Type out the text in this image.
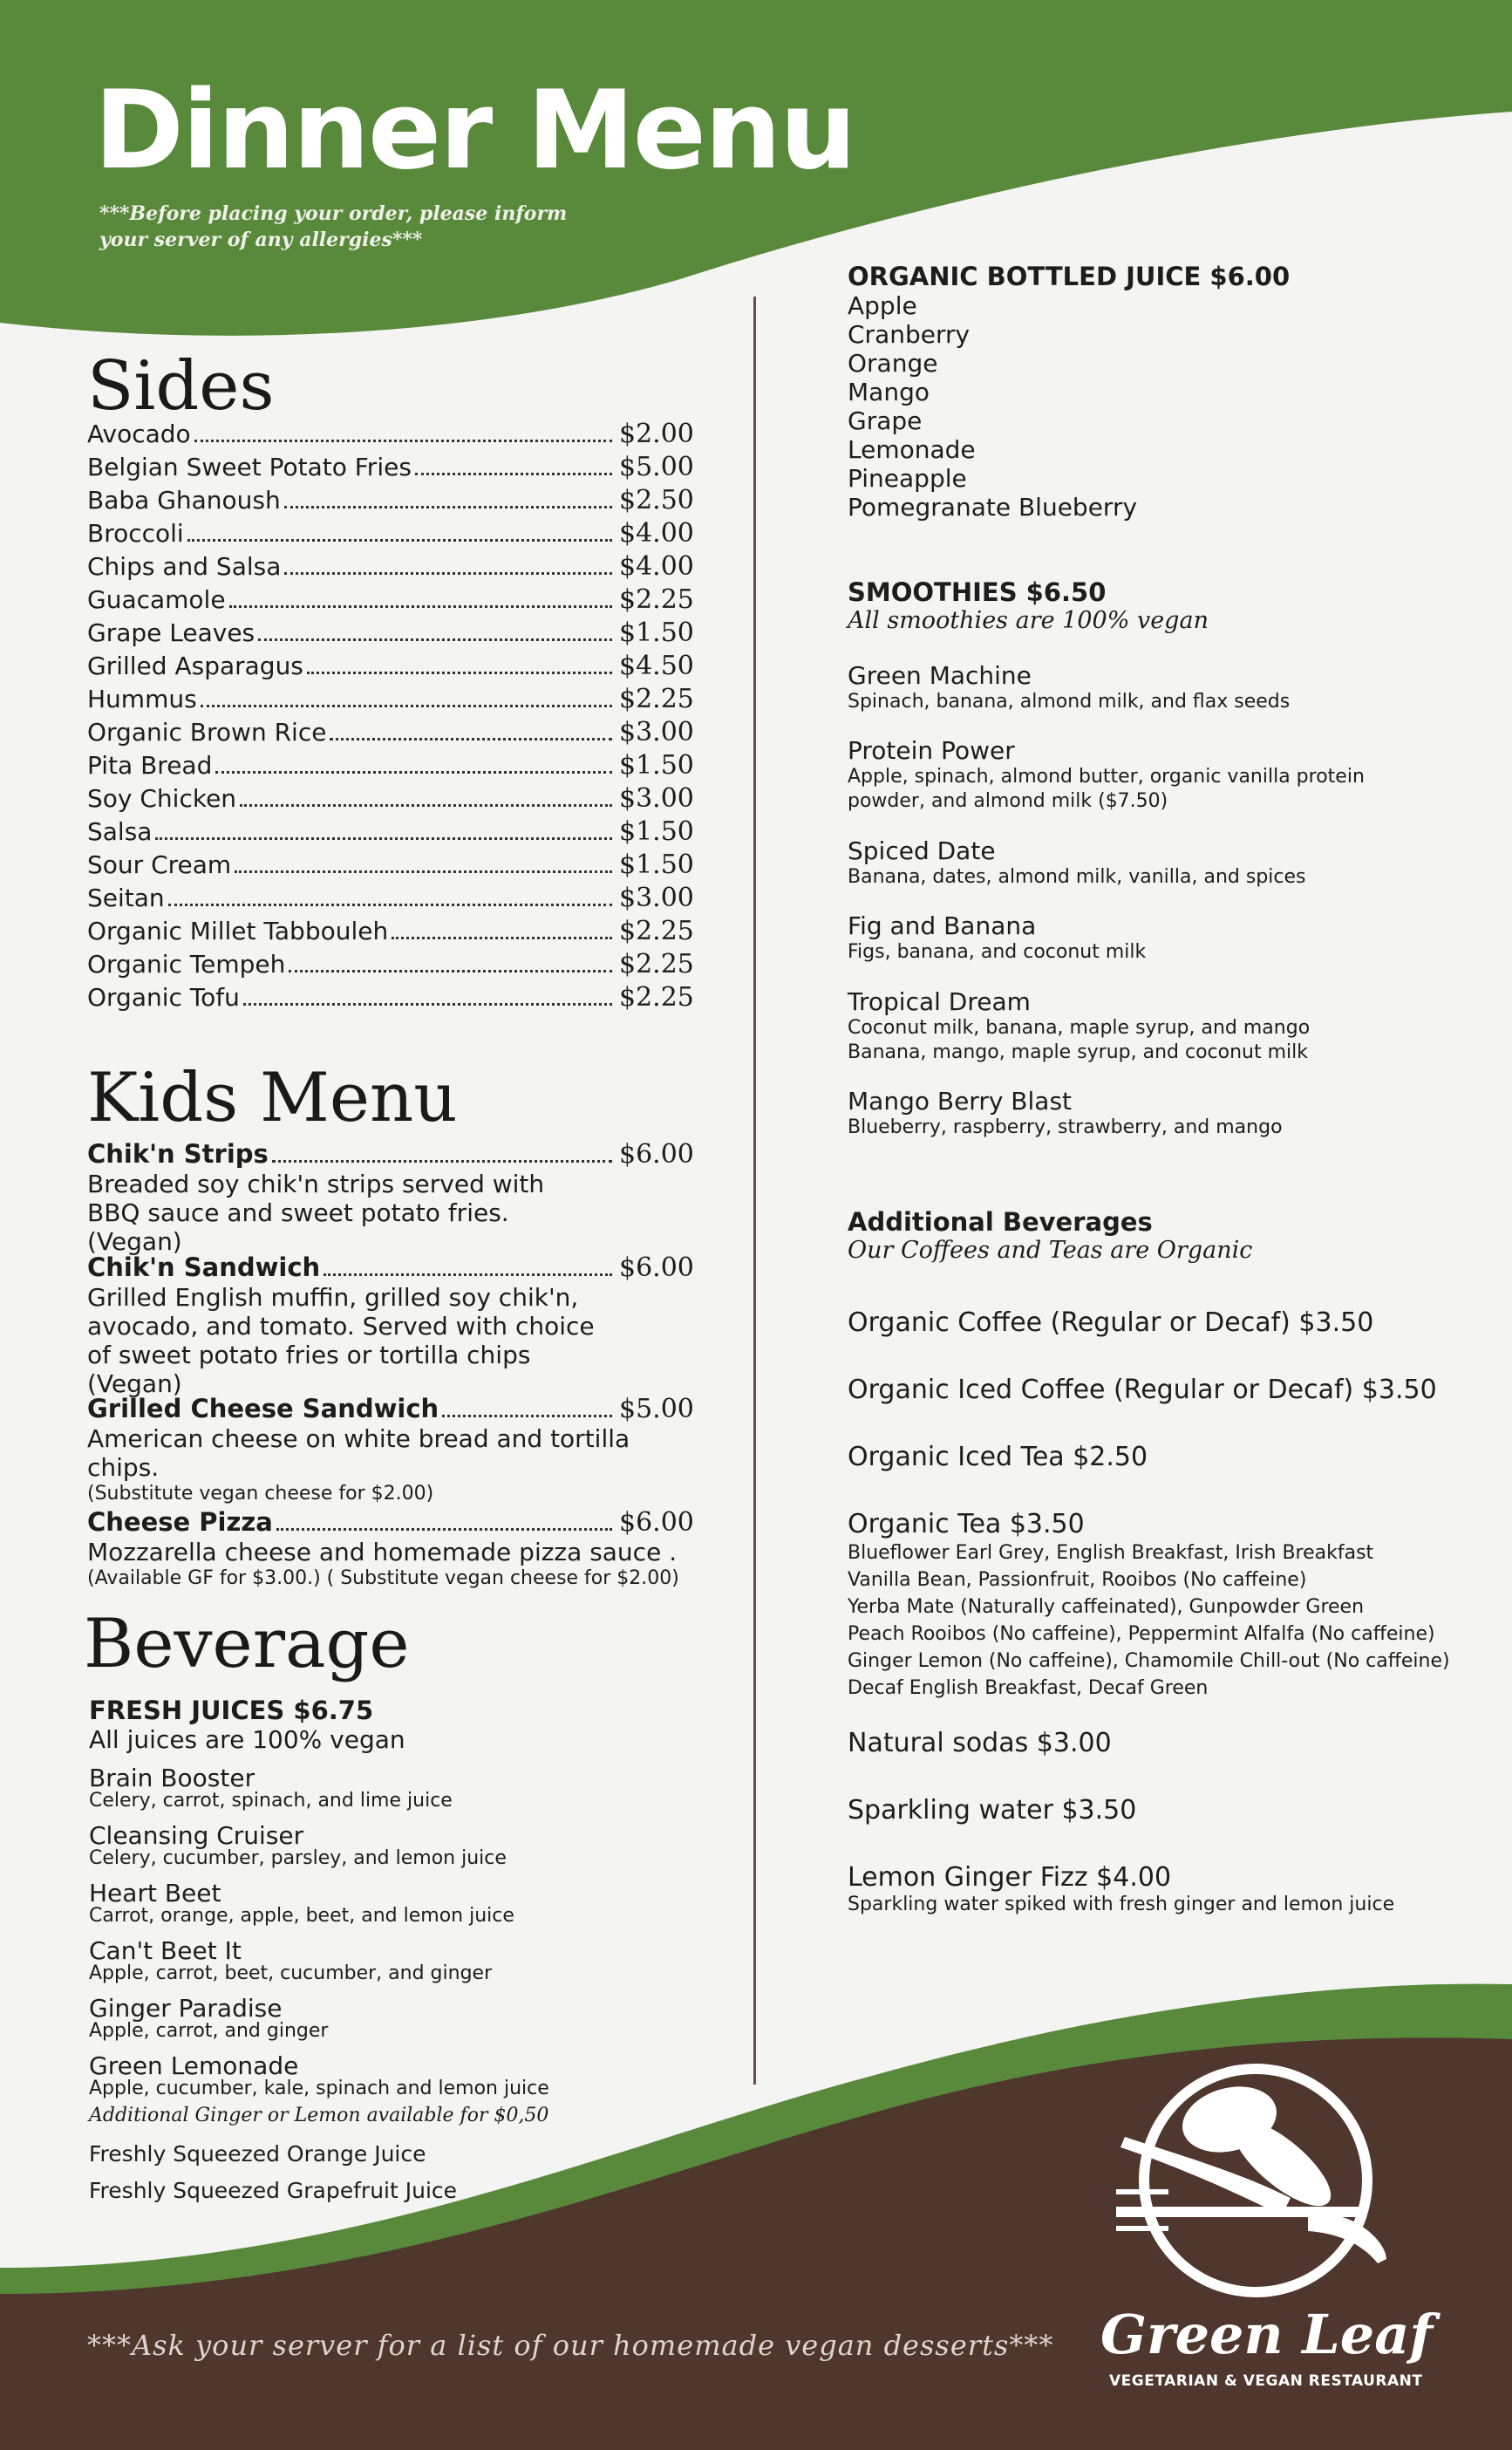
Dinner Menu
***Before placing your order, please inform your server of any allergies***
Sides
Avocado	$2.00
Belgian Sweet Potato Fries	$5.00
Baba Ghanoush	$2.50
Broccoli	$4.00
Chips and Salsa	$4.00
Guacamole	$2.25
Grape Leaves	$1.50
Grilled Asparagus	$4.50
Hummus	$2.25
Organic Brown Rice	$3.00
Pita Bread	$1.50
Soy Chicken	$3.00
Salsa	$1.50
Sour Cream	$1.50
Seitan	$3.00
Organic Millet Tabbouleh	$2.25
Organic Tempeh	$2.25
Organic Tofu	$2.25
Kids Menu
Chik'n Strips	$6.00
Breaded soy chik'n strips served with BBQ sauce and sweet potato fries. (Vegan)
Chik'n Sandwich	$6.00
Grilled English muffin, grilled soy chik'n, avocado, and tomato. Served with choice of sweet potato fries or tortilla chips (Vegan)
Grilled Cheese Sandwich	$5.00
American cheese on white bread and tortilla chips.
(Substitute vegan cheese for $2.00)
Cheese Pizza	$6.00
Mozzarella cheese and homemade pizza sauce .
(Available GF for $3.00.) ( Substitute vegan cheese for $2.00)
Beverage
FRESH JUICES $6.75
All juices are 100% vegan
Brain Booster
Celery, carrot, spinach, and lime juice
Cleansing Cruiser
Celery, cucumber, parsley, and lemon juice
Heart Beet
Carrot, orange, apple, beet, and lemon juice
Can't Beet It
Apple, carrot, beet, cucumber, and ginger
Ginger Paradise
Apple, carrot, and ginger
Green Lemonade
Apple, cucumber, kale, spinach and lemon juice
Additional Ginger or Lemon available for $0,50
Freshly Squeezed Orange Juice
Freshly Squeezed Grapefruit Juice
ORGANIC BOTTLED JUICE $6.00
Apple
Cranberry
Orange
Mango
Grape
Lemonade
Pineapple
Pomegranate Blueberry
SMOOTHIES $6.50
All smoothies are 100% vegan
Green Machine
Spinach, banana, almond milk, and flax seeds
Protein Power
Apple, spinach, almond butter, organic vanilla protein
powder, and almond milk ($7.50)
Spiced Date
Banana, dates, almond milk, vanilla, and spices
Fig and Banana
Figs, banana, and coconut milk
Tropical Dream
Coconut milk, banana, maple syrup, and mango
Banana, mango, maple syrup, and coconut milk
Mango Berry Blast
Blueberry, raspberry, strawberry, and mango
Additional Beverages
Our Coffees and Teas are Organic
Organic Coffee (Regular or Decaf) $3.50
Organic Iced Coffee (Regular or Decaf) $3.50
Organic Iced Tea $2.50
Organic Tea $3.50
Blueflower Earl Grey, English Breakfast, Irish Breakfast
Vanilla Bean, Passionfruit, Rooibos (No caffeine)
Yerba Mate (Naturally caffeinated), Gunpowder Green
Peach Rooibos (No caffeine), Peppermint Alfalfa (No caffeine)
Ginger Lemon (No caffeine), Chamomile Chill-out (No caffeine)
Decaf English Breakfast, Decaf Green
Natural sodas $3.00
Sparkling water $3.50
Lemon Ginger Fizz $4.00
Sparkling water spiked with fresh ginger and lemon juice
***Ask your server for a list of our homemade vegan desserts*** Green Leaf
VEGETARIAN & VEGAN RESTAURANT
